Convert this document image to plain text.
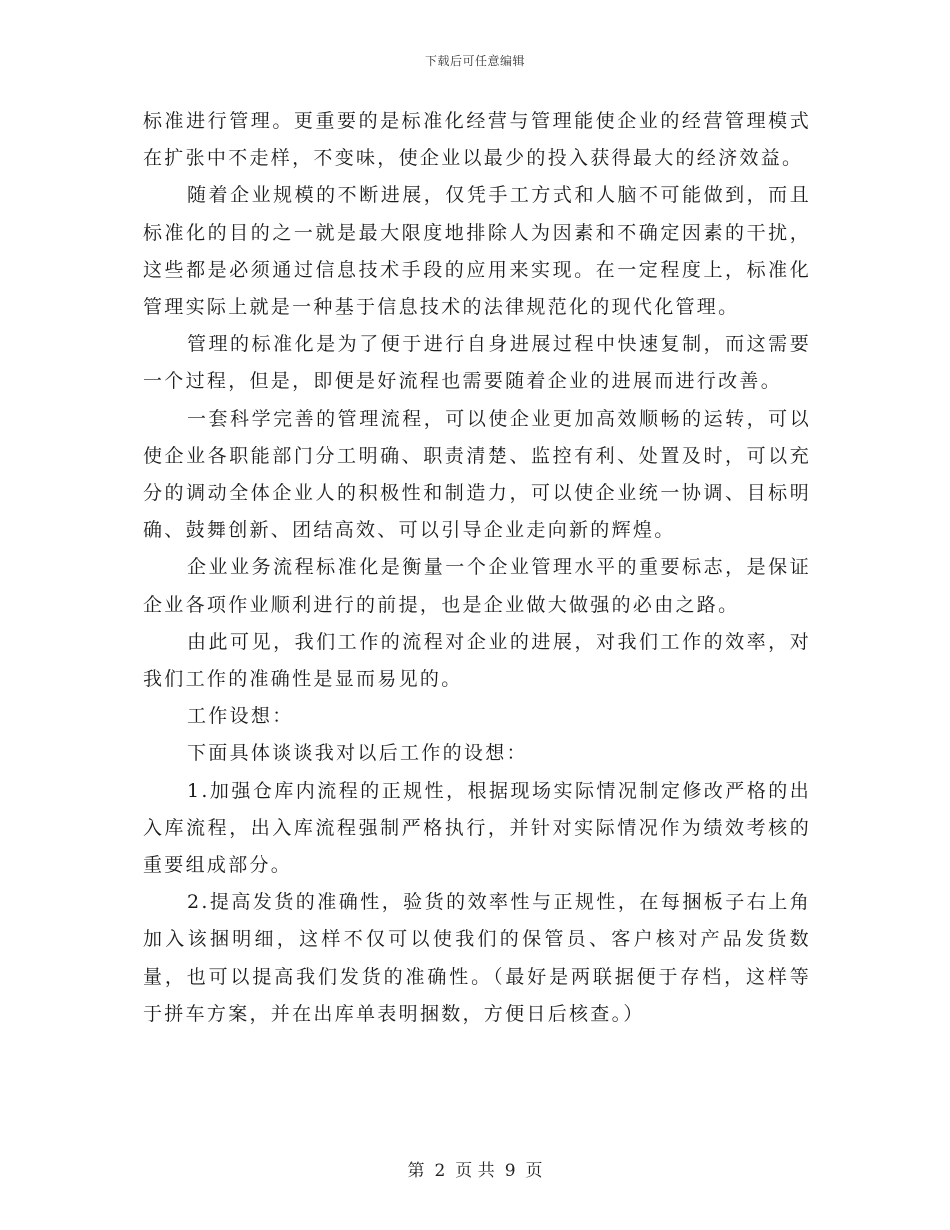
下载后可任意编辑

标准进行管理。更重要的是标准化经营与管理能使企业的经营管理模式在扩张中不走样，不变味，使企业以最少的投入获得最大的经济效益。

随着企业规模的不断进展，仅凭手工方式和人脑不可能做到，而且标准化的目的之一就是最大限度地排除人为因素和不确定因素的干扰，这些都是必须通过信息技术手段的应用来实现。在一定程度上，标准化管理实际上就是一种基于信息技术的法律规范化的现代化管理。

管理的标准化是为了便于进行自身进展过程中快速复制，而这需要一个过程，但是，即便是好流程也需要随着企业的进展而进行改善。

一套科学完善的管理流程，可以使企业更加高效顺畅的运转，可以使企业各职能部门分工明确、职责清楚、监控有利、处置及时，可以充分的调动全体企业人的积极性和制造力，可以使企业统一协调、目标明确、鼓舞创新、团结高效、可以引导企业走向新的辉煌。

企业业务流程标准化是衡量一个企业管理水平的重要标志，是保证企业各项作业顺利进行的前提，也是企业做大做强的必由之路。

由此可见，我们工作的流程对企业的进展，对我们工作的效率，对我们工作的准确性是显而易见的。

工作设想：

下面具体谈谈我对以后工作的设想：

1.加强仓库内流程的正规性，根据现场实际情况制定修改严格的出入库流程，出入库流程强制严格执行，并针对实际情况作为绩效考核的重要组成部分。

2.提高发货的准确性，验货的效率性与正规性，在每捆板子右上角加入该捆明细，这样不仅可以使我们的保管员、客户核对产品发货数量，也可以提高我们发货的准确性。（最好是两联据便于存档，这样等于拼车方案，并在出库单表明捆数，方便日后核查。）

第 2 页 共 9 页
